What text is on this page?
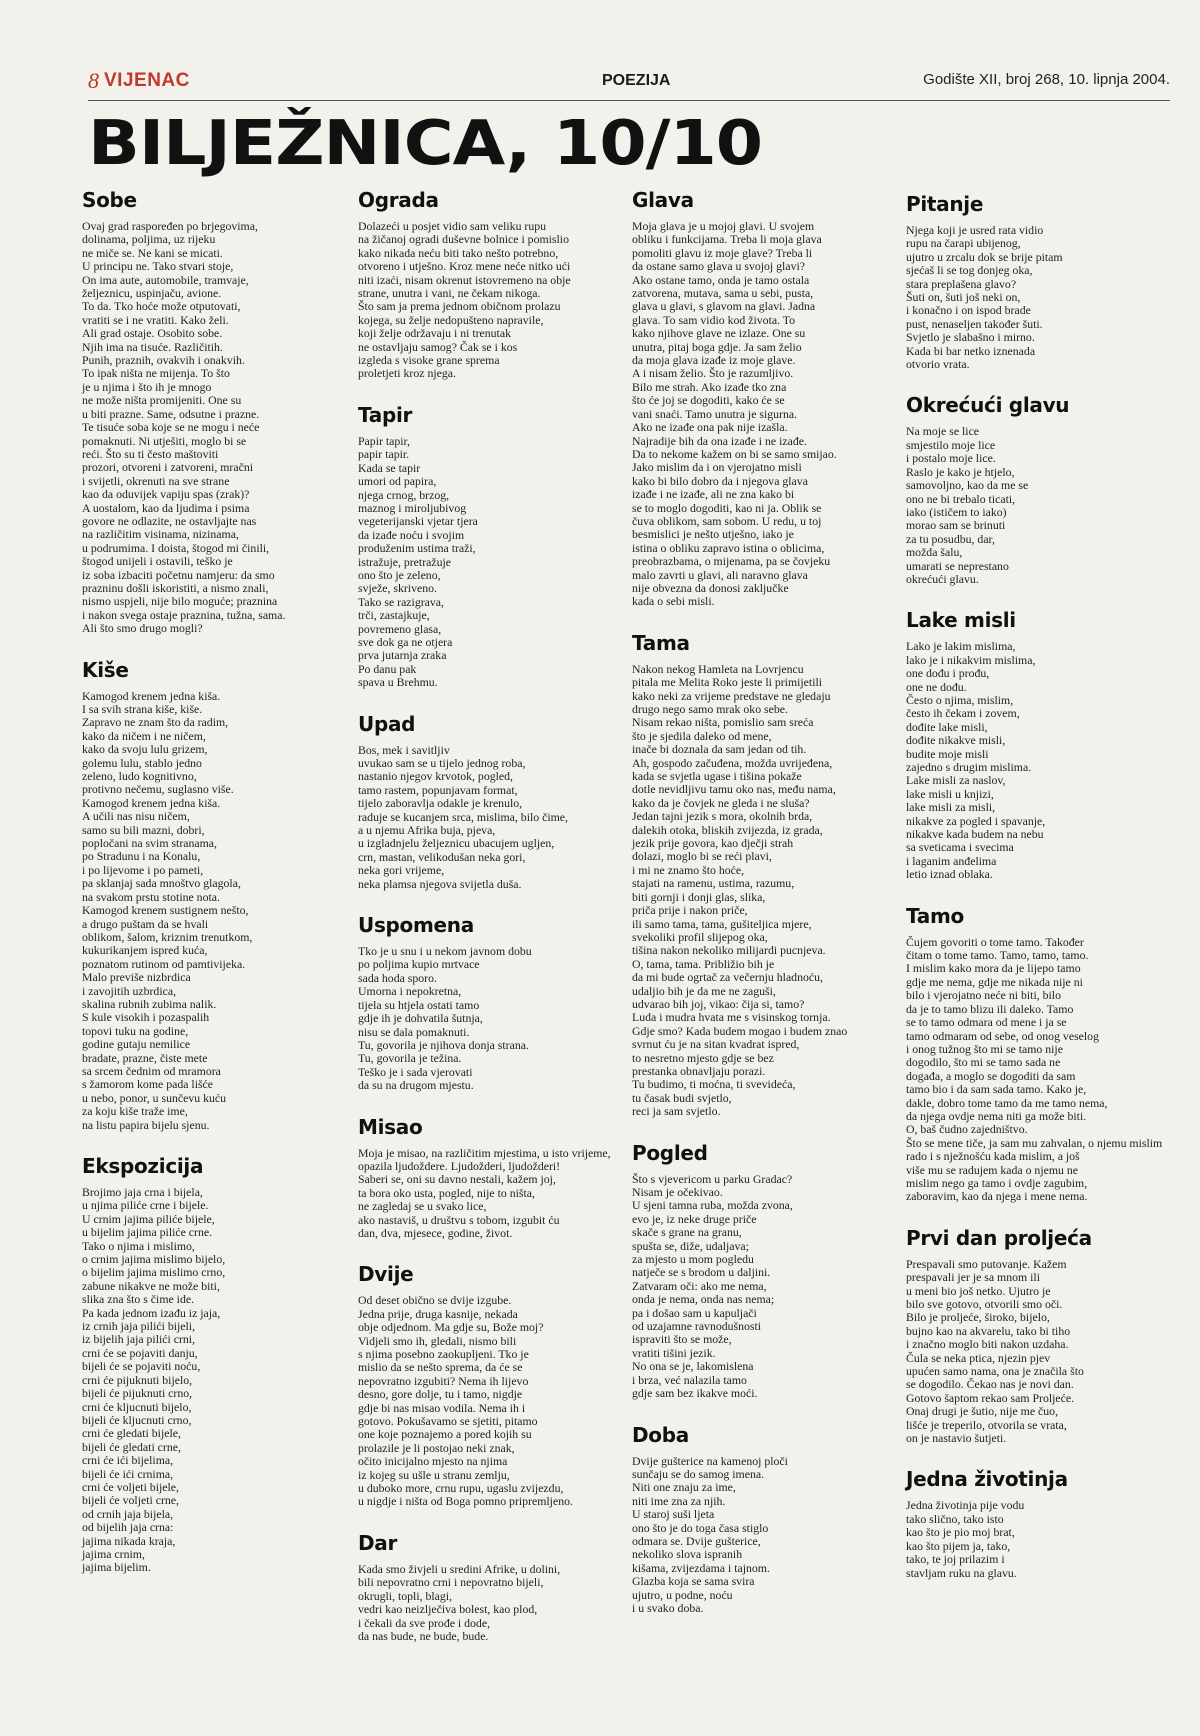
8 VIJENAC	POEZIJA	Godište XII, broj 268, 10. lipnja 2004.
BILJEŽNICA, 10/10
Sobe
Ovaj grad raspoređen po brjegovima,
dolinama, poljima, uz rijeku
ne miče se. Ne kani se micati.
U principu ne. Tako stvari stoje,
On ima aute, automobile, tramvaje,
željeznicu, uspinjaču, avione.
To da. Tko hoće može otputovati,
vratiti se i ne vratiti. Kako želi.
Ali grad ostaje. Osobito sobe.
Njih ima na tisuće. Različitih.
Punih, praznih, ovakvih i onakvih.
To ipak ništa ne mijenja. To što
je u njima i što ih je mnogo
ne može ništa promijeniti. One su
u biti prazne. Same, odsutne i prazne.
Te tisuće soba koje se ne mogu i neće
pomaknuti. Ni utješiti, moglo bi se
reći. Što su ti često maštoviti
prozori, otvoreni i zatvoreni, mračni
i svijetli, okrenuti na sve strane
kao da oduvijek vapiju spas (zrak)?
A uostalom, kao da ljudima i psima
govore ne odlazite, ne ostavljajte nas
na različitim visinama, nizinama,
u podrumima. I doista, štogod mi činili,
štogod unijeli i ostavili, teško je
iz soba izbaciti početnu namjeru: da smo
prazninu došli iskoristiti, a nismo znali,
nismo uspjeli, nije bilo moguće; praznina
i nakon svega ostaje praznina, tužna, sama.
Ali što smo drugo mogli?
Kiše
Kamogod krenem jedna kiša.
I sa svih strana kiše, kiše.
Zapravo ne znam što da radim,
kako da ničem i ne ničem,
kako da svoju lulu grizem,
golemu lulu, stablo jedno
zeleno, ludo kognitivno,
protivno nečemu, suglasno više.
Kamogod krenem jedna kiša.
A učili nas nisu ničem,
samo su bili mazni, dobri,
popločani na svim stranama,
po Stradunu i na Konalu,
i po lijevome i po pameti,
pa sklanjaj sada mnoštvo glagola,
na svakom prstu stotine nota.
Kamogod krenem sustignem nešto,
a drugo puštam da se hvali
oblikom, šalom, kriznim trenutkom,
kukurikanjem ispred kuća,
poznatom rutinom od pamtivijeka.
Malo previše nizbrdica
i zavojitih uzbrdica,
skalina rubnih zubima nalik.
S kule visokih i pozaspalih
topovi tuku na godine,
godine gutaju nemilice
bradate, prazne, čiste mete
sa srcem čednim od mramora
s žamorom kome pada lišće
u nebo, ponor, u sunčevu kuću
za koju kiše traže ime,
na listu papira bijelu sjenu.
Ekspozicija
Brojimo jaja crna i bijela,
u njima piliće crne i bijele.
U crnim jajima piliće bijele,
u bijelim jajima piliće crne.
Tako o njima i mislimo,
o crnim jajima mislimo bijelo,
o bijelim jajima mislimo crno,
zabune nikakve ne može biti,
slika zna što s čime ide.
Pa kada jednom izađu iz jaja,
iz crnih jaja pilići bijeli,
iz bijelih jaja pilići crni,
crni će se pojaviti danju,
bijeli će se pojaviti noću,
crni će pijuknuti bijelo,
bijeli će pijuknuti crno,
crni će kljucnuti bijelo,
bijeli će kljucnuti crno,
crni će gledati bijele,
bijeli će gledati crne,
crni će ići bijelima,
bijeli će ići crnima,
crni će voljeti bijele,
bijeli će voljeti crne,
od crnih jaja bijela,
od bijelih jaja crna:
jajima nikada kraja,
jajima crnim,
jajima bijelim.
Ograda
Dolazeći u posjet vidio sam veliku rupu
na žičanoj ogradi duševne bolnice i pomislio
kako nikada neću biti tako nešto potrebno,
otvoreno i utješno. Kroz mene neće nitko ući
niti izaći, nisam okrenut istovremeno na obje
strane, unutra i vani, ne čekam nikoga.
Što sam ja prema jednom običnom prolazu
kojega, su želje nedopušteno napravile,
koji želje održavaju i ni trenutak
ne ostavljaju samog? Čak se i kos
izgleda s visoke grane sprema
proletjeti kroz njega.
Tapir
Papir tapir,
papir tapir.
Kada se tapir
umori od papira,
njega crnog, brzog,
maznog i miroljubivog
vegeterijanski vjetar tjera
da izađe noću i svojim
produženim ustima traži,
istražuje, pretražuje
ono što je zeleno,
svježe, skriveno.
Tako se razigrava,
trči, zastajkuje,
povremeno glasa,
sve dok ga ne otjera
prva jutarnja zraka
Po danu pak
spava u Brehmu.
Upad
Bos, mek i savitljiv
uvukao sam se u tijelo jednog roba,
nastanio njegov krvotok, pogled,
tamo rastem, popunjavam format,
tijelo zaboravlja odakle je krenulo,
raduje se kucanjem srca, mislima, bilo čime,
a u njemu Afrika buja, pjeva,
u izgladnjelu željeznicu ubacujem ugljen,
crn, mastan, velikodušan neka gori,
neka gori vrijeme,
neka plamsa njegova svijetla duša.
Uspomena
Tko je u snu i u nekom javnom dobu
po poljima kupio mrtvace
sada hoda sporo.
Umorna i nepokretna,
tijela su htjela ostati tamo
gdje ih je dohvatila šutnja,
nisu se dala pomaknuti.
Tu, govorila je njihova donja strana.
Tu, govorila je težina.
Teško je i sada vjerovati
da su na drugom mjestu.
Misao
Moja je misao, na različitim mjestima, u isto vrijeme,
opazila ljudoždere. Ljudožderi, ljudožderi!
Saberi se, oni su davno nestali, kažem joj,
ta bora oko usta, pogled, nije to ništa,
ne zagledaj se u svako lice,
ako nastaviš, u društvu s tobom, izgubit ću
dan, dva, mjesece, godine, život.
Dvije
Od deset obično se dvije izgube.
Jedna prije, druga kasnije, nekada
obje odjednom. Ma gdje su, Bože moj?
Vidjeli smo ih, gledali, nismo bili
s njima posebno zaokupljeni. Tko je
mislio da se nešto sprema, da će se
nepovratno izgubiti? Nema ih lijevo
desno, gore dolje, tu i tamo, nigdje
gdje bi nas misao vodila. Nema ih i
gotovo. Pokušavamo se sjetiti, pitamo
one koje poznajemo a pored kojih su
prolazile je li postojao neki znak,
očito inicijalno mjesto na njima
iz kojeg su ušle u stranu zemlju,
u duboko more, crnu rupu, ugaslu zvijezdu,
u nigdje i ništa od Boga pomno pripremljeno.
Dar
Kada smo živjeli u sredini Afrike, u dolini,
bili nepovratno crni i nepovratno bijeli,
okrugli, topli, blagi,
vedri kao neizlječiva bolest, kao plod,
i čekali da sve prođe i dode,
da nas bude, ne bude, bude.
Glava
Moja glava je u mojoj glavi. U svojem
obliku i funkcijama. Treba li moja glava
pomoliti glavu iz moje glave? Treba li
da ostane samo glava u svojoj glavi?
Ako ostane tamo, onda je tamo ostala
zatvorena, mutava, sama u sebi, pusta,
glava u glavi, s glavom na glavi. Jadna
glava. To sam vidio kod života. To
kako njihove glave ne izlaze. One su
unutra, pitaj boga gdje. Ja sam želio
da moja glava izađe iz moje glave.
A i nisam želio. Što je razumljivo.
Bilo me strah. Ako izađe tko zna
što će joj se dogoditi, kako će se
vani snaći. Tamo unutra je sigurna.
Ako ne izađe ona pak nije izašla.
Najradije bih da ona izađe i ne izađe.
Da to nekome kažem on bi se samo smijao.
Jako mislim da i on vjerojatno misli
kako bi bilo dobro da i njegova glava
izađe i ne izađe, ali ne zna kako bi
se to moglo dogoditi, kao ni ja. Oblik se
čuva oblikom, sam sobom. U redu, u toj
besmislici je nešto utješno, iako je
istina o obliku zapravo istina o oblicima,
preobrazbama, o mijenama, pa se čovjeku
malo zavrti u glavi, ali naravno glava
nije obvezna da donosi zaključke
kada o sebi misli.
Tama
Nakon nekog Hamleta na Lovrjencu
pitala me Melita Roko jeste li primijetili
kako neki za vrijeme predstave ne gledaju
drugo nego samo mrak oko sebe.
Nisam rekao ništa, pomislio sam sreća
što je sjedila daleko od mene,
inače bi doznala da sam jedan od tih.
Ah, gospodo začuđena, možda uvrijeđena,
kada se svjetla ugase i tišina pokaže
dotle nevidljivu tamu oko nas, među nama,
kako da je čovjek ne gleda i ne sluša?
Jedan tajni jezik s mora, okolnih brda,
dalekih otoka, bliskih zvijezda, iz grada,
jezik prije govora, kao dječji strah
dolazi, moglo bi se reći plavi,
i mi ne znamo što hoće,
stajati na ramenu, ustima, razumu,
biti gornji i donji glas, slika,
priča prije i nakon priče,
ili samo tama, tama, gušiteljica mjere,
svekoliki profil slijepog oka,
tišina nakon nekoliko milijardi pucnjeva.
O, tama, tama. Približio bih je
da mi bude ogrtač za večernju hladnoću,
udaljio bih je da me ne zaguši,
udvarao bih joj, vikao: čija si, tamo?
Luda i mudra hvata me s visinskog tornja.
Gdje smo? Kada budem mogao i budem znao
svrnut ću je na sitan kvadrat ispred,
to nesretno mjesto gdje se bez
prestanka obnavljaju porazi.
Tu budimo, ti moćna, ti svevideća,
tu časak budi svjetlo,
reci ja sam svjetlo.
Pogled
Što s vjevericom u parku Gradac?
Nisam je očekivao.
U sjeni tamna ruba, možda zvona,
evo je, iz neke druge priče
skače s grane na granu,
spušta se, diže, udaljava;
za mjesto u mom pogledu
natječe se s brodom u daljini.
Zatvaram oči: ako me nema,
onda je nema, onda nas nema;
pa i došao sam u kapuljači
od uzajamne ravnodušnosti
ispraviti što se može,
vratiti tišini jezik.
No ona se je, lakomislena
i brza, već nalazila tamo
gdje sam bez ikakve moći.
Doba
Dvije gušterice na kamenoj ploči
sunčaju se do samog imena.
Niti one znaju za ime,
niti ime zna za njih.
U staroj suši ljeta
ono što je do toga časa stiglo
odmara se. Dvije gušterice,
nekoliko slova ispranih
kišama, zvijezdama i tajnom.
Glazba koja se sama svira
ujutro, u podne, noću
i u svako doba.
Pitanje
Njega koji je usred rata vidio
rupu na čarapi ubijenog,
ujutro u zrcalu dok se brije pitam
sjećaš li se tog donjeg oka,
stara preplašena glavo?
Šuti on, šuti još neki on,
i konačno i on ispod brade
pust, nenaseljen također šuti.
Svjetlo je slabašno i mirno.
Kada bi bar netko iznenada
otvorio vrata.
Okrećući glavu
Na moje se lice
smjestilo moje lice
i postalo moje lice.
Raslo je kako je htjelo,
samovoljno, kao da me se
ono ne bi trebalo ticati,
iako (ističem to iako)
morao sam se brinuti
za tu posudbu, dar,
možda šalu,
umarati se neprestano
okrećući glavu.
Lake misli
Lako je lakim mislima,
lako je i nikakvim mislima,
one dođu i prođu,
one ne dođu.
Često o njima, mislim,
često ih čekam i zovem,
dođite lake misli,
dođite nikakve misli,
budite moje misli
zajedno s drugim mislima.
Lake misli za naslov,
lake misli u knjizi,
lake misli za misli,
nikakve za pogled i spavanje,
nikakve kada budem na nebu
sa sveticama i svecima
i laganim anđelima
letio iznad oblaka.
Tamo
Čujem govoriti o tome tamo. Također
čitam o tome tamo. Tamo, tamo, tamo.
I mislim kako mora da je lijepo tamo
gdje me nema, gdje me nikada nije ni
bilo i vjerojatno neće ni biti, bilo
da je to tamo blizu ili daleko. Tamo
se to tamo odmara od mene i ja se
tamo odmaram od sebe, od onog veselog
i onog tužnog što mi se tamo nije
dogodilo, što mi se tamo sada ne
događa, a moglo se dogoditi da sam
tamo bio i da sam sada tamo. Kako je,
dakle, dobro tome tamo da me tamo nema,
da njega ovdje nema niti ga može biti.
O, baš čudno zajedništvo.
Što se mene tiče, ja sam mu zahvalan, o njemu mislim
rado i s nježnošću kada mislim, a još
više mu se radujem kada o njemu ne
mislim nego ga tamo i ovdje zagubim,
zaboravim, kao da njega i mene nema.
Prvi dan proljeća
Prespavali smo putovanje. Kažem
prespavali jer je sa mnom ili
u meni bio još netko. Ujutro je
bilo sve gotovo, otvorili smo oči.
Bilo je proljeće, široko, bijelo,
bujno kao na akvarelu, tako bi tiho
i značno moglo biti nakon uzdaha.
Čula se neka ptica, njezin pjev
upućen samo nama, ona je značila što
se dogodilo. Čekao nas je novi dan.
Gotovo šaptom rekao sam Proljeće.
Onaj drugi je šutio, nije me čuo,
lišće je treperilo, otvorila se vrata,
on je nastavio šutjeti.
Jedna životinja
Jedna životinja pije vodu
tako slično, tako isto
kao što je pio moj brat,
kao što pijem ja, tako,
tako, te joj prilazim i
stavljam ruku na glavu.
